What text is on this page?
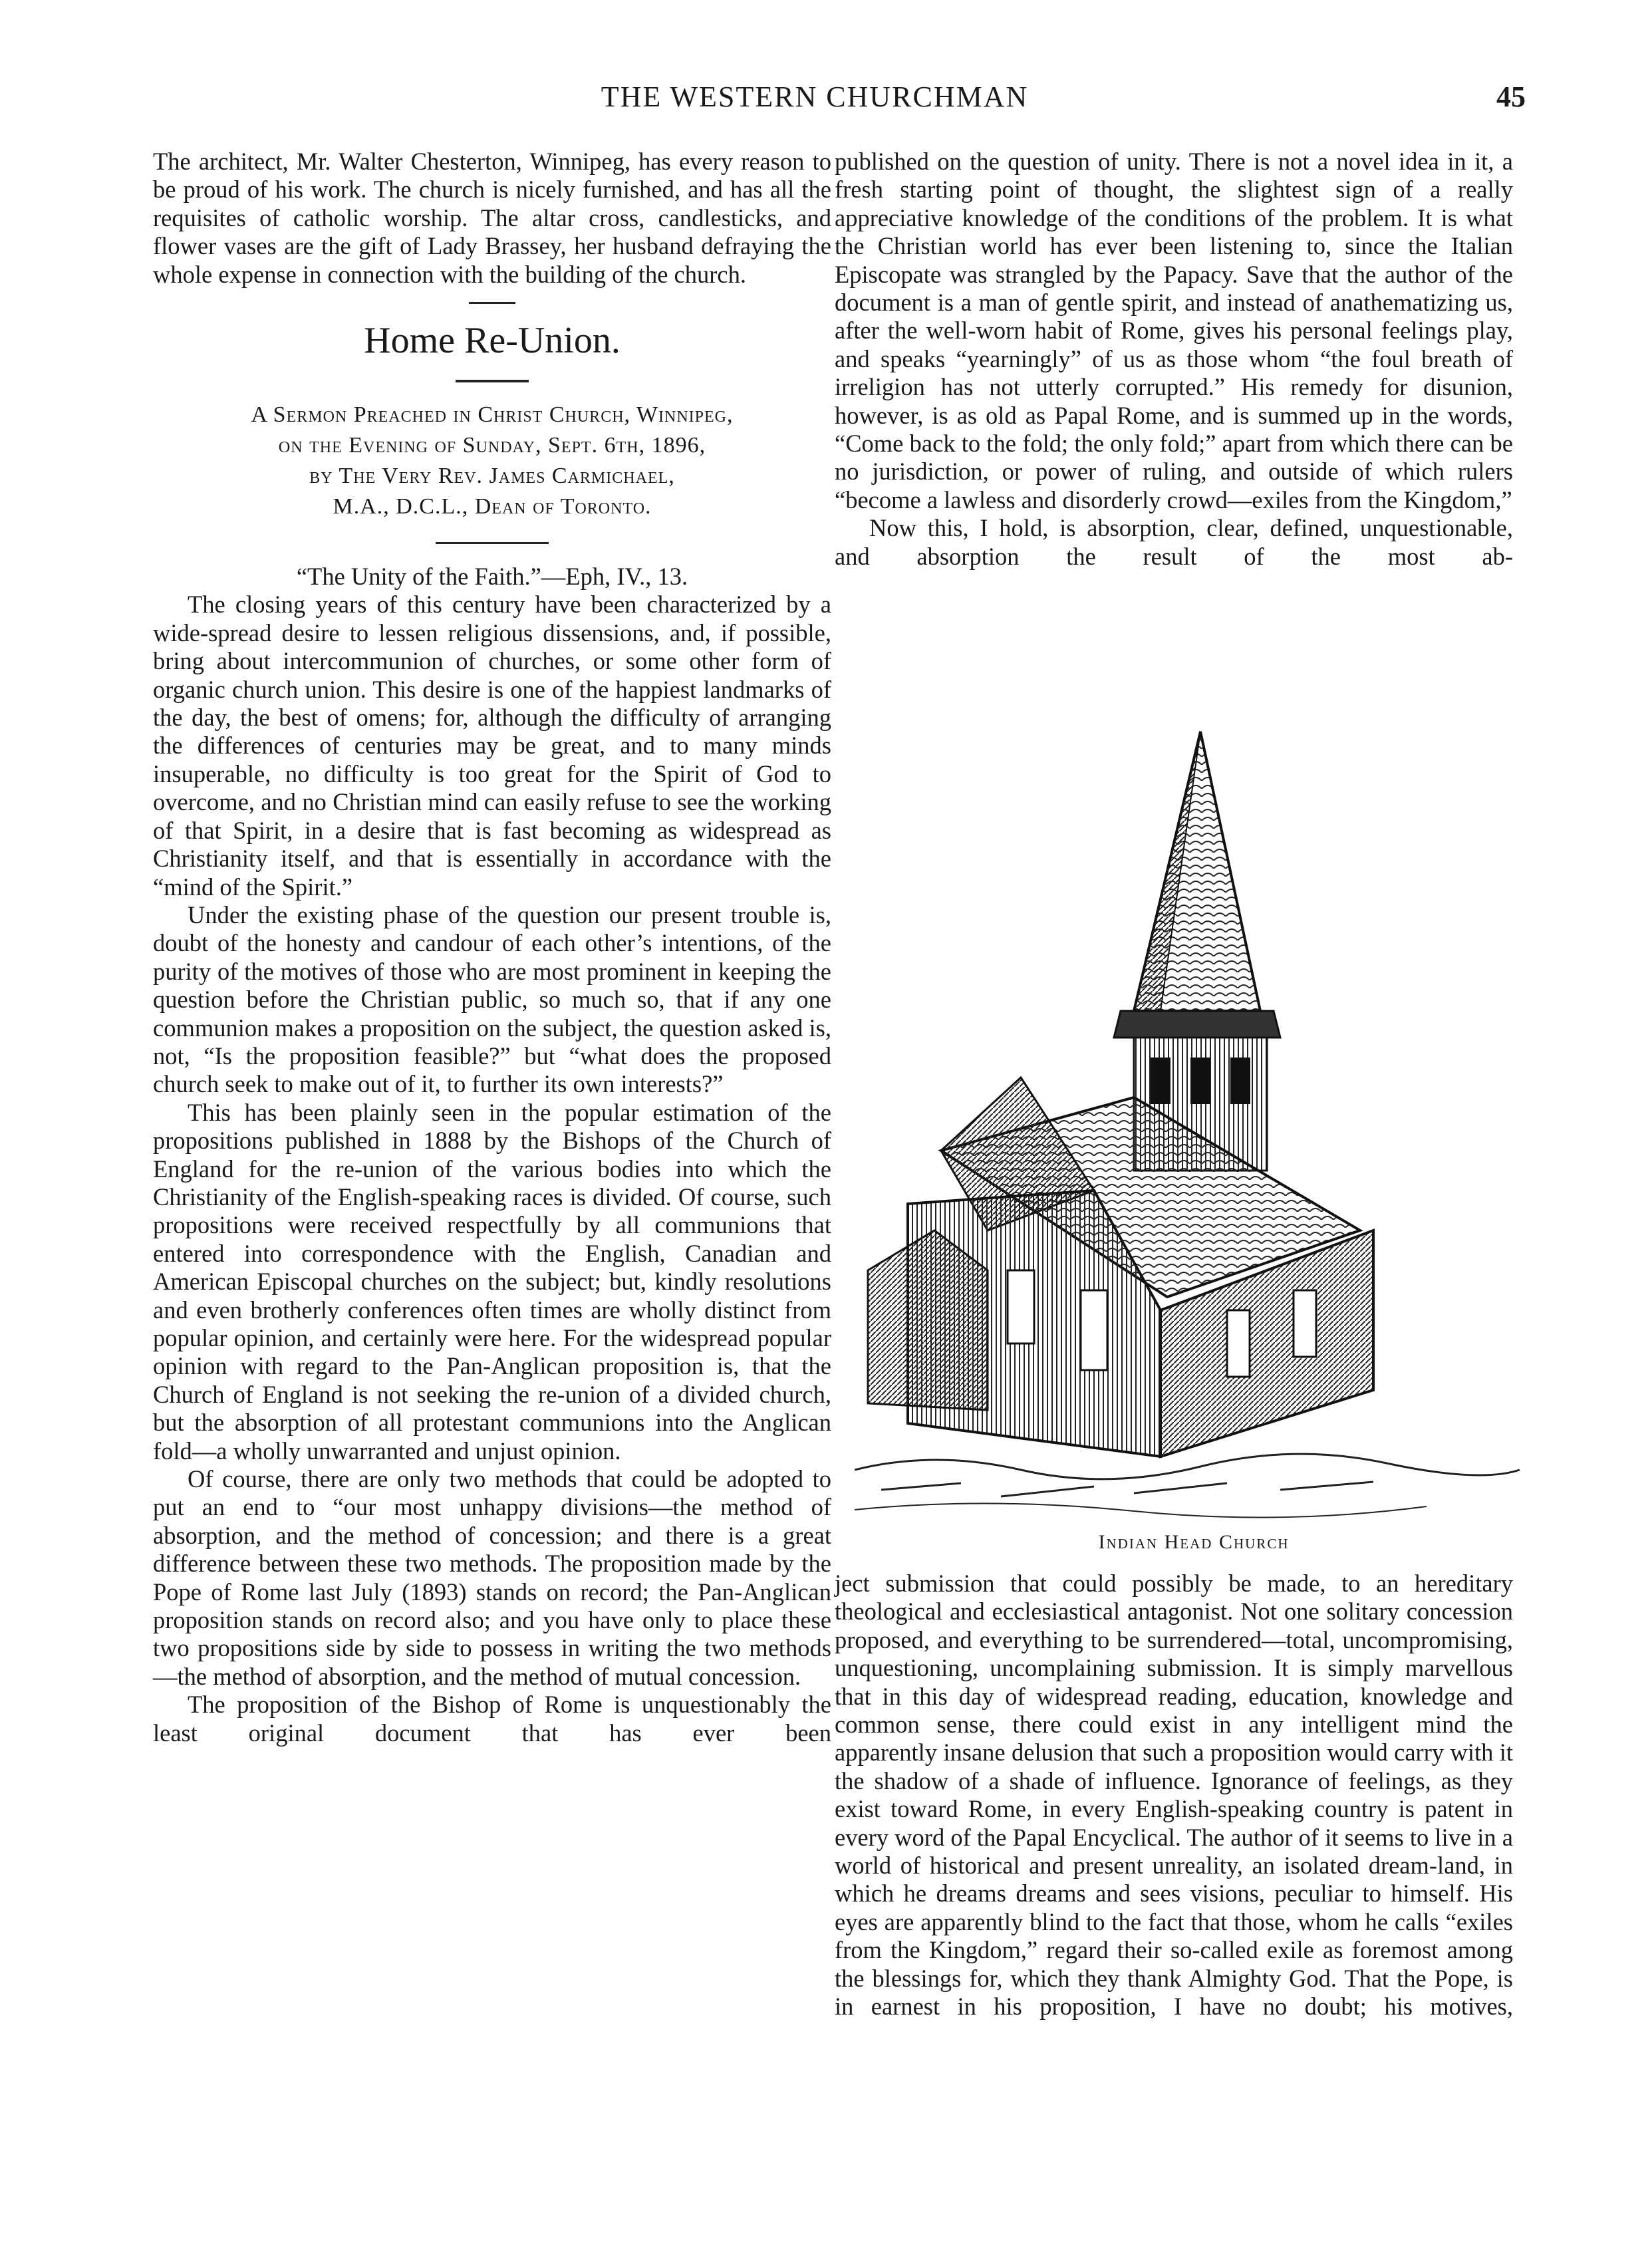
THE WESTERN CHURCHMAN	45

The architect, Mr. Walter Chesterton, Winnipeg, has every reason to be proud of his work. The church is nicely furnished, and has all the requisites of catholic worship. The altar cross, candlesticks, and flower vases are the gift of Lady Brassey, her husband defraying the whole expense in connection with the building of the church.

Home Re-Union.
A Sermon Preached in Christ Church, Winnipeg,
on the Evening of Sunday, Sept. 6th, 1896,
by The Very Rev. James Carmichael,
M.A., D.C.L., Dean of Toronto.

“The Unity of the Faith.”—Eph, IV., 13.

The closing years of this century have been characterized by a wide-spread desire to lessen religious dissensions, and, if possible, bring about intercommunion of churches, or some other form of organic church union. This desire is one of the happiest landmarks of the day, the best of omens; for, although the difficulty of arranging the differences of centuries may be great, and to many minds insuperable, no difficulty is too great for the Spirit of God to overcome, and no Christian mind can easily refuse to see the working of that Spirit, in a desire that is fast becoming as widespread as Christianity itself, and that is essentially in accordance with the “mind of the Spirit.”

Under the existing phase of the question our present trouble is, doubt of the honesty and candour of each other’s intentions, of the purity of the motives of those who are most prominent in keeping the question before the Christian public, so much so, that if any one communion makes a proposition on the subject, the question asked is, not, “Is the proposition feasible?” but “what does the proposed church seek to make out of it, to further its own interests?”

This has been plainly seen in the popular estimation of the propositions published in 1888 by the Bishops of the Church of England for the re-union of the various bodies into which the Christianity of the English-speaking races is divided. Of course, such propositions were received respectfully by all communions that entered into correspondence with the English, Canadian and American Episcopal churches on the subject; but, kindly resolutions and even brotherly conferences often times are wholly distinct from popular opinion, and certainly were here. For the widespread popular opinion with regard to the Pan-Anglican proposition is, that the Church of England is not seeking the re-union of a divided church, but the absorption of all protestant communions into the Anglican fold—a wholly unwarranted and unjust opinion.

Of course, there are only two methods that could be adopted to put an end to “our most unhappy divisions—the method of absorption, and the method of concession; and there is a great difference between these two methods. The proposition made by the Pope of Rome last July (1893) stands on record; the Pan-Anglican proposition stands on record also; and you have only to place these two propositions side by side to possess in writing the two methods—the method of absorption, and the method of mutual concession.

The proposition of the Bishop of Rome is unquestionably the least original document that has ever been

published on the question of unity. There is not a novel idea in it, a fresh starting point of thought, the slightest sign of a really appreciative knowledge of the conditions of the problem. It is what the Christian world has ever been listening to, since the Italian Episcopate was strangled by the Papacy. Save that the author of the document is a man of gentle spirit, and instead of anathematizing us, after the well-worn habit of Rome, gives his personal feelings play, and speaks “yearningly” of us as those whom “the foul breath of irreligion has not utterly corrupted.” His remedy for disunion, however, is as old as Papal Rome, and is summed up in the words, “Come back to the fold; the only fold;” apart from which there can be no jurisdiction, or power of ruling, and outside of which rulers “become a lawless and disorderly crowd—exiles from the Kingdom,”

Now this, I hold, is absorption, clear, defined, unquestionable, and absorption the result of the most ab-

Indian Head Church

ject submission that could possibly be made, to an hereditary theological and ecclesiastical antagonist. Not one solitary concession proposed, and everything to be surrendered—total, uncompromising, unquestioning, uncomplaining submission. It is simply marvellous that in this day of widespread reading, education, knowledge and common sense, there could exist in any intelligent mind the apparently insane delusion that such a proposition would carry with it the shadow of a shade of influence. Ignorance of feelings, as they exist toward Rome, in every English-speaking country is patent in every word of the Papal Encyclical. The author of it seems to live in a world of historical and present unreality, an isolated dream-land, in which he dreams dreams and sees visions, peculiar to himself. His eyes are apparently blind to the fact that those, whom he calls “exiles from the Kingdom,” regard their so-called exile as foremost among the blessings for, which they thank Almighty God. That the Pope, is in earnest in his proposition, I have no doubt; his motives,
